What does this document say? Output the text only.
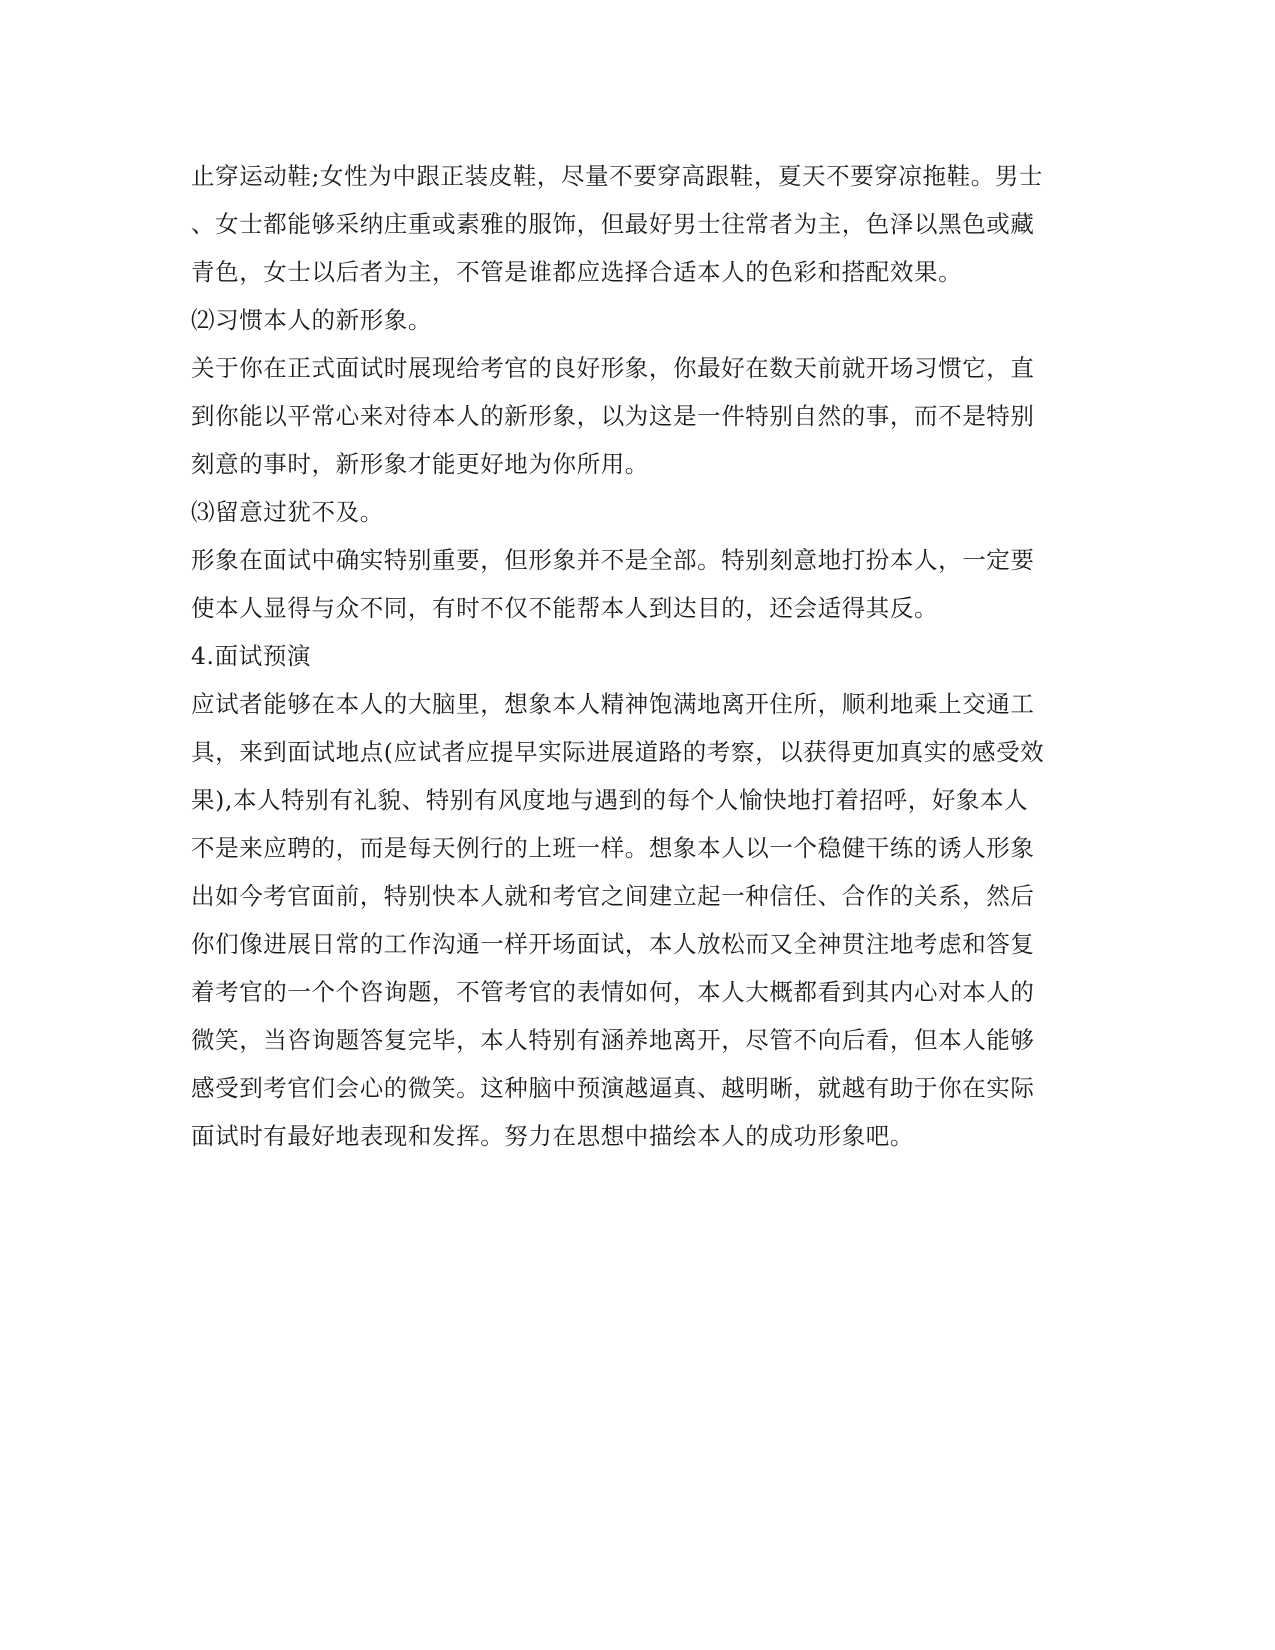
止穿运动鞋;女性为中跟正装皮鞋，尽量不要穿高跟鞋，夏天不要穿凉拖鞋。男士
、女士都能够采纳庄重或素雅的服饰，但最好男士往常者为主，色泽以黑色或藏
青色，女士以后者为主，不管是谁都应选择合适本人的色彩和搭配效果。
⑵习惯本人的新形象。
关于你在正式面试时展现给考官的良好形象，你最好在数天前就开场习惯它，直
到你能以平常心来对待本人的新形象，以为这是一件特别自然的事，而不是特别
刻意的事时，新形象才能更好地为你所用。
⑶留意过犹不及。
形象在面试中确实特别重要，但形象并不是全部。特别刻意地打扮本人，一定要
使本人显得与众不同，有时不仅不能帮本人到达目的，还会适得其反。
4.面试预演
应试者能够在本人的大脑里，想象本人精神饱满地离开住所，顺利地乘上交通工
具，来到面试地点(应试者应提早实际进展道路的考察，以获得更加真实的感受效
果),本人特别有礼貌、特别有风度地与遇到的每个人愉快地打着招呼，好象本人
不是来应聘的，而是每天例行的上班一样。想象本人以一个稳健干练的诱人形象
出如今考官面前，特别快本人就和考官之间建立起一种信任、合作的关系，然后
你们像进展日常的工作沟通一样开场面试，本人放松而又全神贯注地考虑和答复
着考官的一个个咨询题，不管考官的表情如何，本人大概都看到其内心对本人的
微笑，当咨询题答复完毕，本人特别有涵养地离开，尽管不向后看，但本人能够
感受到考官们会心的微笑。这种脑中预演越逼真、越明晰，就越有助于你在实际
面试时有最好地表现和发挥。努力在思想中描绘本人的成功形象吧。
